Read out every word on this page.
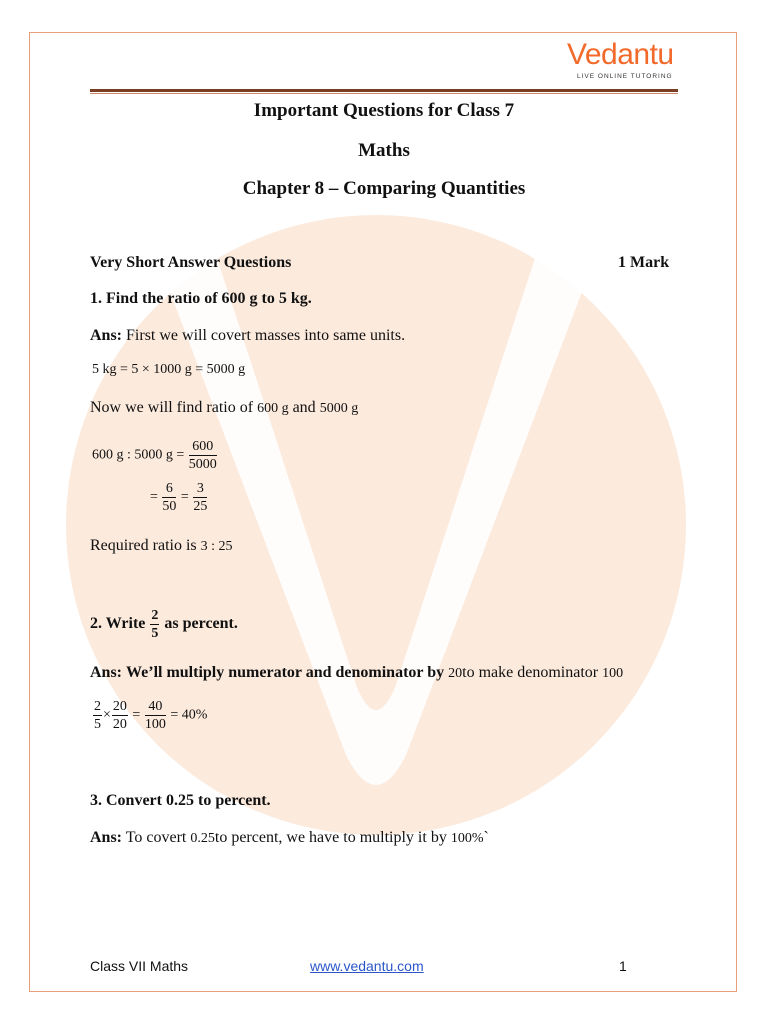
Vedantu
LIVE ONLINE TUTORING
Important Questions for Class 7
Maths
Chapter 8 – Comparing Quantities
Very Short Answer Questions	1 Mark
1. Find the ratio of 600 g to 5 kg.
Ans: First we will covert masses into same units.
5 kg = 5 × 1000 g = 5000 g
Now we will find ratio of 600 g and 5000 g
600 g : 5000 $g = \frac{600}{5000}$
= $\frac{6}{50} = \frac{3}{25}$
Required ratio is 3 : 25
2. Write $\frac{2}{5}$ as percent.
Ans: We’ll multiply numerator and denominator by 20to make denominator 100
$\frac{2}{5} \times \frac{20}{20} = \frac{40}{100} = 40\%$
3. Convert 0.25 to percent.
Ans: To covert 0.25to percent, we have to multiply it by 100%`
Class VII Maths	www.vedantu.com	1
